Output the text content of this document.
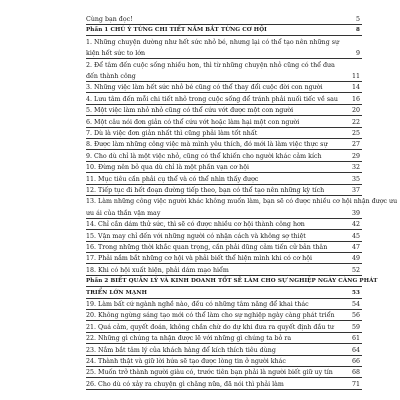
Cùng bạn đọc!	5
Phần 1 CHÚ Ý TỪNG CHI TIẾT NẮM BẮT TỪNG CƠ HỘI	8
1. Những chuyện dường như hết sức nhỏ bé, nhưng lại có thể tạo nên những sự
kiện hết sức to lớn	9
2. Để tâm đến cuộc sống nhiều hơn, thì từ những chuyện nhỏ cũng có thể đưa
đến thành công	11
3. Những việc làm hết sức nhỏ bé cũng có thể thay đổi cuộc đời con người	14
4. Lưu tâm đến mỗi chi tiết nhỏ trong cuộc sống để tránh phải nuối tiếc về sau 16
5. Một việc làm nhỏ nhỏ cũng có thể cứu vớt được một con người	20
6. Một câu nói đơn giản có thể cứu vớt hoặc làm hại một con người	22
7. Dù là việc đơn giản nhất thì cũng phải làm tốt nhất	25
8. Được làm những công việc mà mình yêu thích, đó mới là làm việc thực sự	27
9. Cho dù chỉ là một việc nhỏ, cũng có thể khiến cho người khác cảm kích	29
10. Đừng nên bỏ qua dù chỉ là một phần vạn cơ hội	32
11. Mục tiêu cần phải cụ thể và có thể nhìn thấy được	35
12. Tiếp tục đi hết đoạn đường tiếp theo, bạn có thể tạo nên những kỳ tích	37
13. Làm những công việc người khác không muốn làm, bạn sẽ có được nhiều cơ hội nhận được ưu
ưu ái của thần vận may	39
14. Chỉ cần dám thử sức, thì sẽ có được nhiều cơ hội thành công hơn	42
15. Vận may chỉ đến với những người có nhận cách và không sợ thiệt	45
16. Trong những thời khắc quan trọng, cần phải dũng cảm tiến cử bản thân	47
17. Phải nắm bắt những cơ hội và phải biết thể hiện mình khi có cơ hội	49
18. Khi có hội xuất hiện, phải dám mạo hiểm	52
Phần 2 BIẾT QUẢN LÝ VÀ KINH DOANH TỐT SẼ LÀM CHO SỰ NGHIỆP NGÀY CÀNG PHÁT
TRIỂN LỚN MẠNH	53
19. Làm bất cứ ngành nghề nào, đều có những tâm năng để khai thác	54
20. Không ngừng sáng tạo mới có thể làm cho sự nghiệp ngày càng phát triển	56
21. Quá cảm, quyết đoán, không chần chừ do dự khi đưa ra quyết định đầu tư	59
22. Những gì chúng ta nhận được lẽ với những gì chúng ta bỏ ra	61
23. Nắm bắt tâm lý của khách hàng để kích thích tiêu dùng	64
24. Thành thật và giữ lời hứa sẽ tạo được lòng tin ở người khác	66
25. Muốn trở thành người giàu có, trước tiên bạn phải là người biết giữ uy tín	68
26. Cho dù có xảy ra chuyện gì chăng nữa, đã nói thì phải làm	71
